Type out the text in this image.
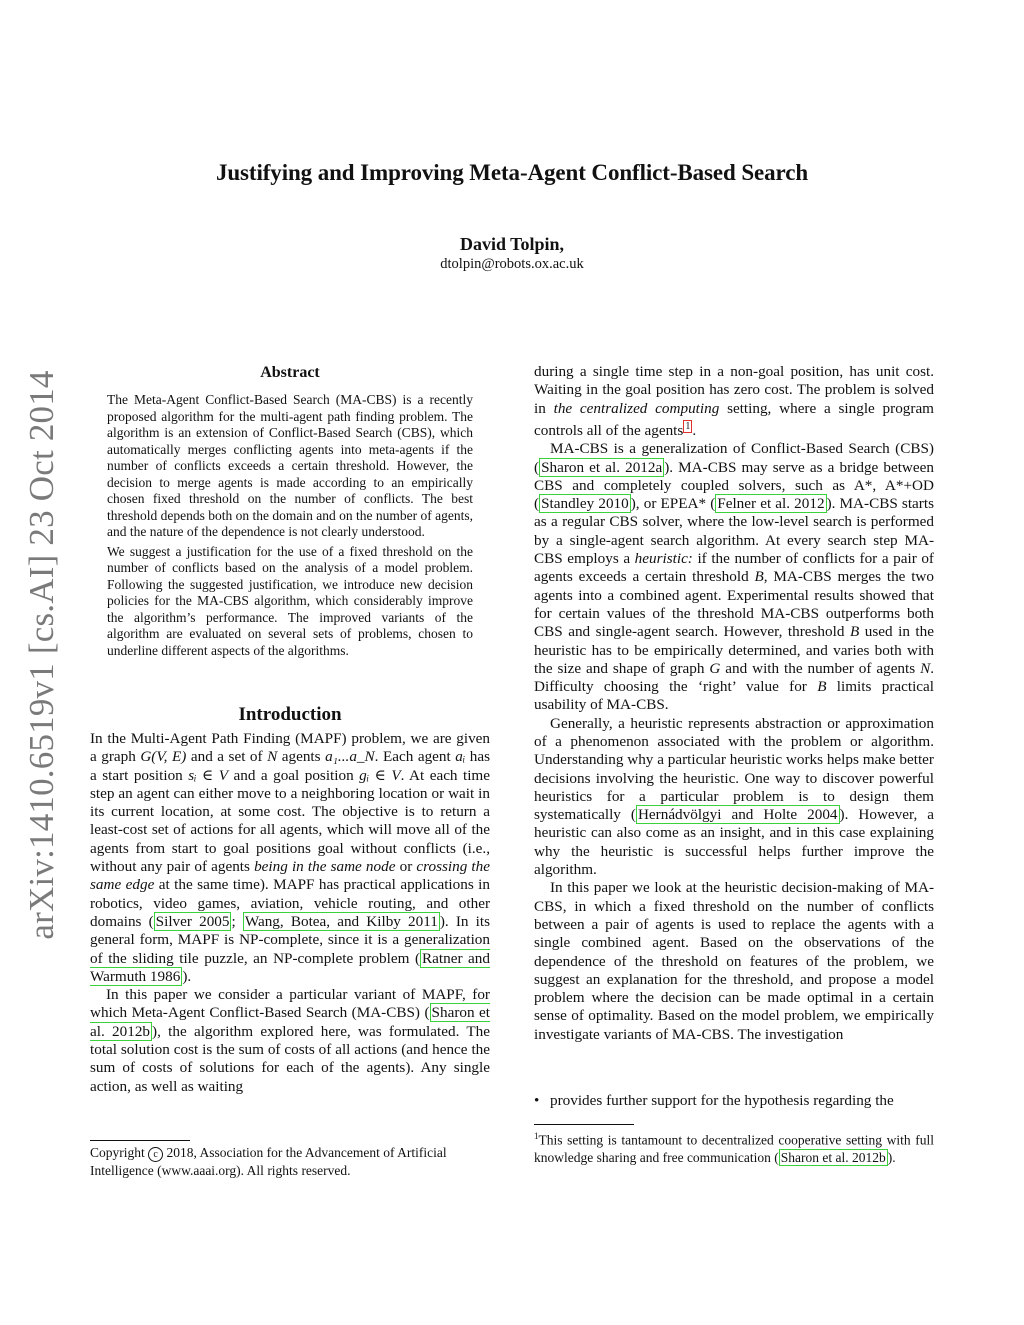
Justifying and Improving Meta-Agent Conflict-Based Search
David Tolpin,
dtolpin@robots.ox.ac.uk
arXiv:1410.6519v1 [cs.AI] 23 Oct 2014	Abstract

The Meta-Agent Conflict-Based Search (MA-CBS) is a recently proposed algorithm for the multi-agent path finding problem. The algorithm is an extension of Conflict-Based Search (CBS), which automatically merges conflicting agents into meta-agents if the number of conflicts exceeds a certain threshold. However, the decision to merge agents is made according to an empirically chosen fixed threshold on the number of conflicts. The best threshold depends both on the domain and on the number of agents, and the nature of the dependence is not clearly understood.

We suggest a justification for the use of a fixed threshold on the number of conflicts based on the analysis of a model problem. Following the suggested justification, we introduce new decision policies for the MA-CBS algorithm, which considerably improve the algorithm’s performance. The improved variants of the algorithm are evaluated on several sets of problems, chosen to underline different aspects of the algorithms.

Introduction

In the Multi-Agent Path Finding (MAPF) problem, we are given a graph G(V, E) and a set of N agents a₁...a_N. Each agent aᵢ has a start position sᵢ ∈ V and a goal position gᵢ ∈ V. At each time step an agent can either move to a neighboring location or wait in its current location, at some cost. The objective is to return a least-cost set of actions for all agents, which will move all of the agents from start to goal positions goal without conflicts (i.e., without any pair of agents being in the same node or crossing the same edge at the same time). MAPF has practical applications in robotics, video games, aviation, vehicle routing, and other domains ( Silver 2005 ; Wang, Botea, and Kilby 2011 ). In its general form, MAPF is NP-complete, since it is a generalization of the sliding tile puzzle, an NP-complete problem ( Ratner and Warmuth 1986 ).

In this paper we consider a particular variant of MAPF, for which Meta-Agent Conflict-Based Search (MA-CBS) ( Sharon et al. 2012b ), the algorithm explored here, was formulated. The total solution cost is the sum of costs of all actions (and hence the sum of costs of solutions for each of the agents). Any single action, as well as waiting

during a single time step in a non-goal position, has unit cost. Waiting in the goal position has zero cost. The problem is solved in the centralized computing setting, where a single program controls all of the agents $^1$ .

MA-CBS is a generalization of Conflict-Based Search (CBS) ( Sharon et al. 2012a ). MA-CBS may serve as a bridge between CBS and completely coupled solvers, such as A*, A*+OD ( Standley 2010 ), or EPEA* ( Felner et al. 2012 ). MA-CBS starts as a regular CBS solver, where the low-level search is performed by a single-agent search algorithm. At every search step MA-CBS employs a heuristic: if the number of conflicts for a pair of agents exceeds a certain threshold B, MA-CBS merges the two agents into a combined agent. Experimental results showed that for certain values of the threshold MA-CBS outperforms both CBS and single-agent search. However, threshold B used in the heuristic has to be empirically determined, and varies both with the size and shape of graph G and with the number of agents N. Difficulty choosing the ‘right’ value for B limits practical usability of MA-CBS.

Generally, a heuristic represents abstraction or approximation of a phenomenon associated with the problem or algorithm. Understanding why a particular heuristic works helps make better decisions involving the heuristic. One way to discover powerful heuristics for a particular problem is to design them systematically ( Hernádvölgyi and Holte 2004 ). However, a heuristic can also come as an insight, and in this case explaining why the heuristic is successful helps further improve the algorithm.

In this paper we look at the heuristic decision-making of MA-CBS, in which a fixed threshold on the number of conflicts between a pair of agents is used to replace the agents with a single combined agent. Based on the observations of the dependence of the threshold on features of the problem, we suggest an explanation for the threshold, and propose a model problem where the decision can be made optimal in a certain sense of optimality. Based on the model problem, we empirically investigate variants of MA-CBS. The investigation

• provides further support for the hypothesis regarding the
Copyright c 2018, Association for the Advancement of Artificial Intelligence (www.aaai.org). All rights reserved.
$^1$This setting is tantamount to decentralized cooperative setting with full knowledge sharing and free communication ( Sharon et al. 2012b ).
